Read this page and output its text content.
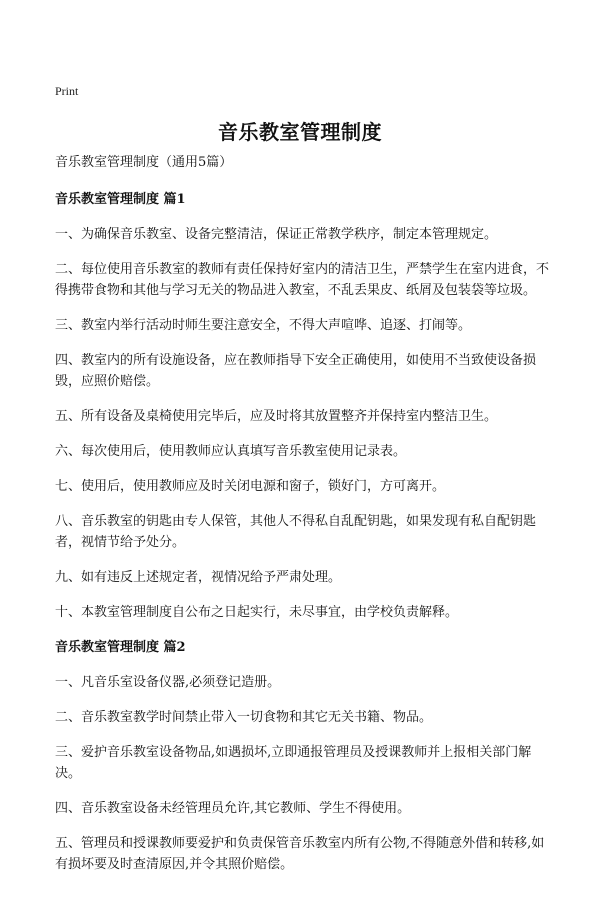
Print
音乐教室管理制度

音乐教室管理制度（通用5篇）

音乐教室管理制度 篇1

一、为确保音乐教室、设备完整清洁，保证正常教学秩序，制定本管理规定。

二、每位使用音乐教室的教师有责任保持好室内的清洁卫生，严禁学生在室内进食，不得携带食物和其他与学习无关的物品进入教室，不乱丢果皮、纸屑及包装袋等垃圾。

三、教室内举行活动时师生要注意安全，不得大声喧哗、追逐、打闹等。

四、教室内的所有设施设备，应在教师指导下安全正确使用，如使用不当致使设备损毁，应照价赔偿。

五、所有设备及桌椅使用完毕后，应及时将其放置整齐并保持室内整洁卫生。

六、每次使用后，使用教师应认真填写音乐教室使用记录表。

七、使用后，使用教师应及时关闭电源和窗子，锁好门，方可离开。

八、音乐教室的钥匙由专人保管，其他人不得私自乱配钥匙，如果发现有私自配钥匙者，视情节给予处分。

九、如有违反上述规定者，视情况给予严肃处理。

十、本教室管理制度自公布之日起实行，未尽事宜，由学校负责解释。

音乐教室管理制度 篇2

一、凡音乐室设备仪器,必须登记造册。

二、音乐教室教学时间禁止带入一切食物和其它无关书籍、物品。

三、爱护音乐教室设备物品,如遇损坏,立即通报管理员及授课教师并上报相关部门解决。

四、音乐教室设备未经管理员允许,其它教师、学生不得使用。

五、管理员和授课教师要爱护和负责保管音乐教室内所有公物,不得随意外借和转移,如有损坏要及时查清原因,并令其照价赔偿。
